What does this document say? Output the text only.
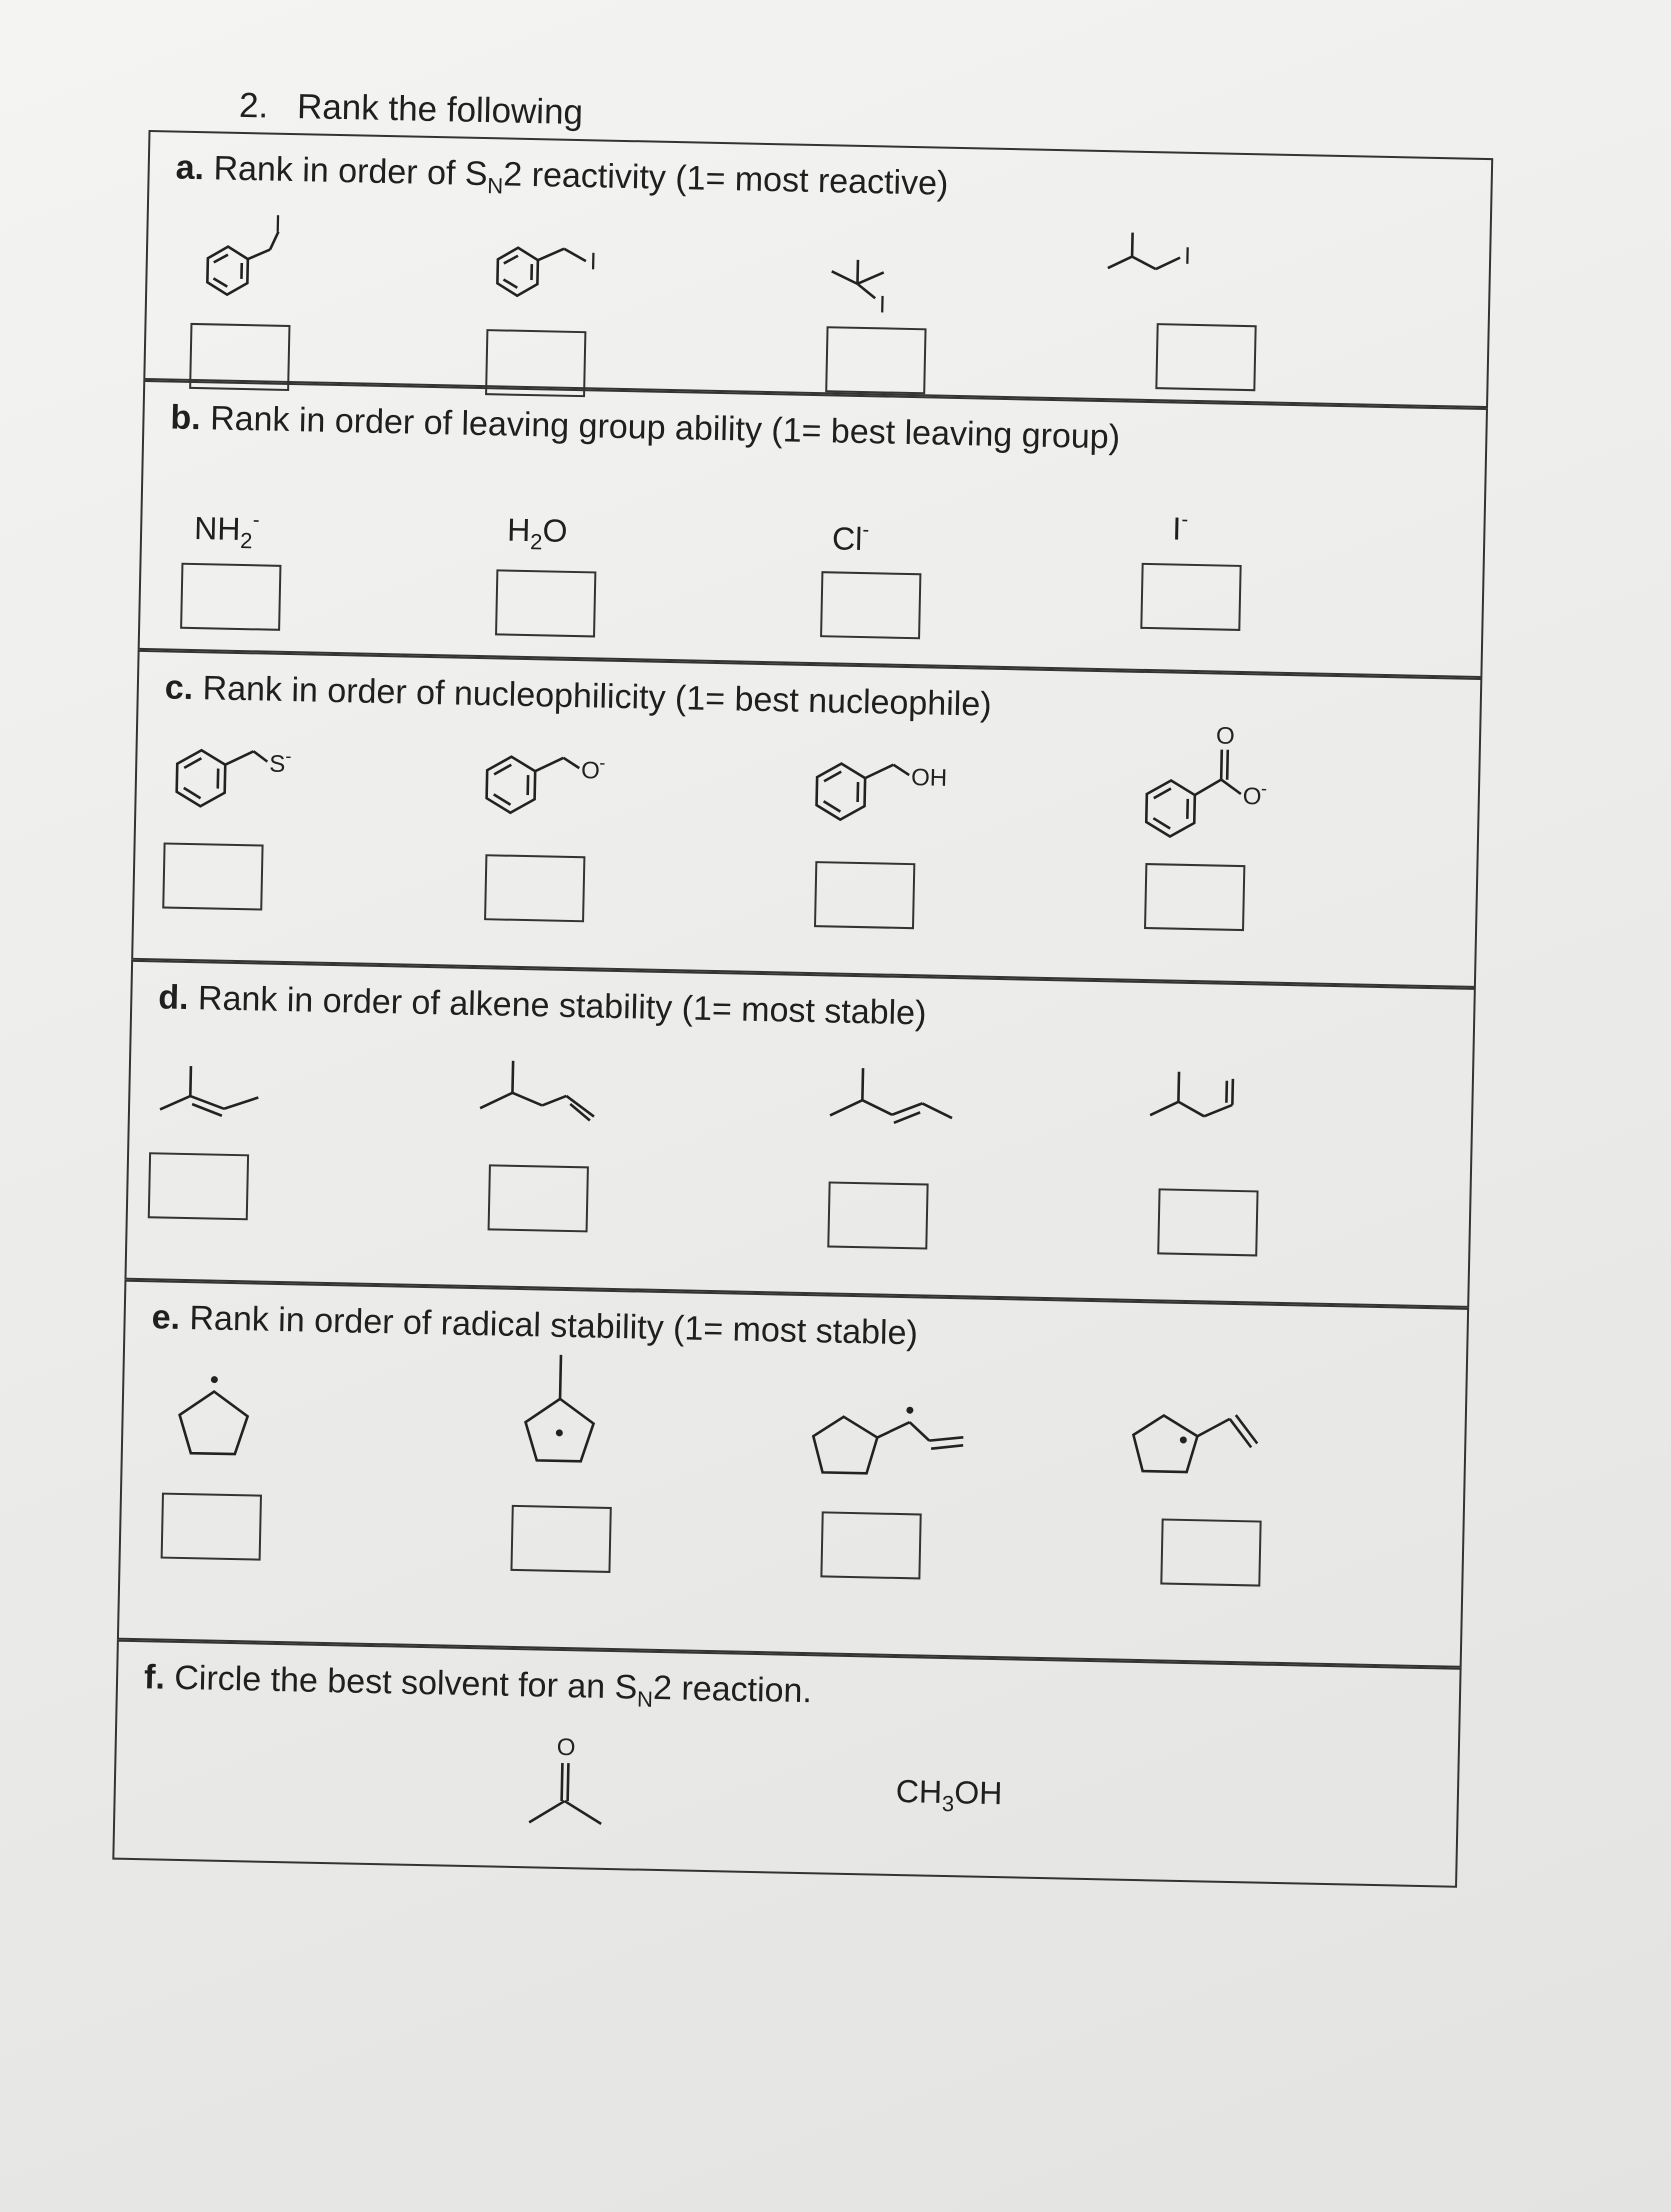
2. Rank the following
a. Rank in order of $S_N2$ reactivity (1= most reactive)
I
I
I
I
b. Rank in order of leaving group ability (1= best leaving group)
$NH_2^-$	$H_2O$	Cl-	I-
c. Rank in order of nucleophilicity (1= best nucleophile)
S -
O -
OH
O
O -
d. Rank in order of alkene stability (1= most stable)
e. Rank in order of radical stability (1= most stable)
f. Circle the best solvent for an $S_N2$ reaction.
O
$CH_3OH$
